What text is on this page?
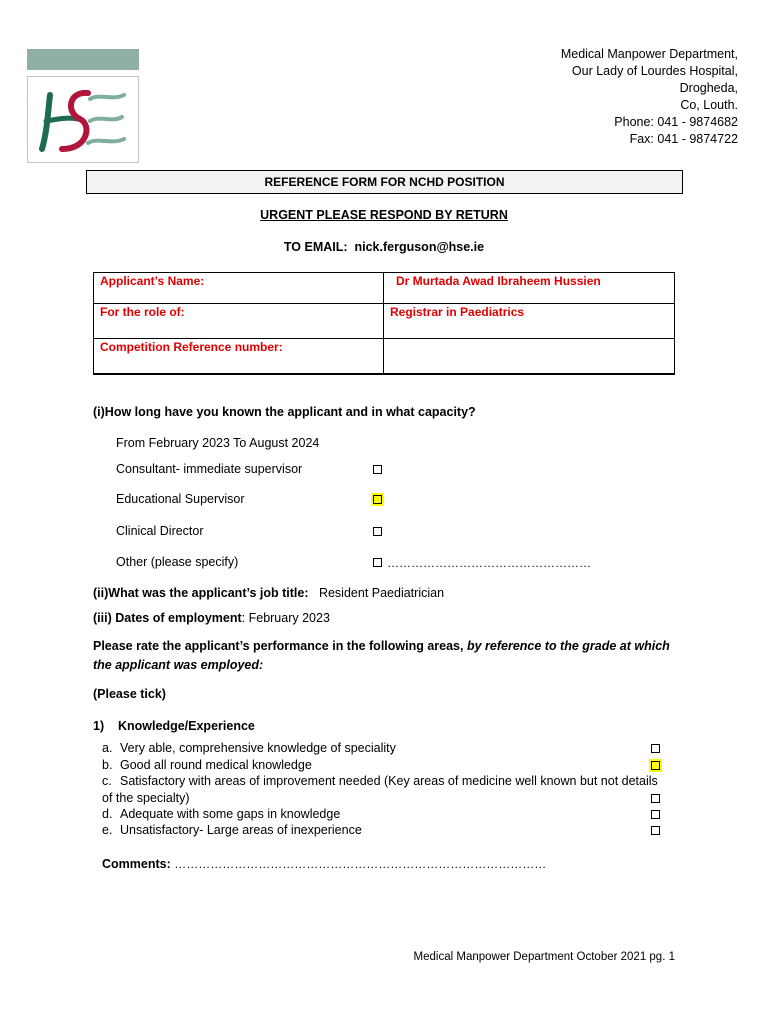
Medical Manpower Department,
Our Lady of Lourdes Hospital,
Drogheda,
Co, Louth.
Phone: 041 - 9874682
Fax: 041 - 9874722
REFERENCE FORM FOR NCHD POSITION
URGENT PLEASE RESPOND BY RETURN
TO EMAIL: nick.ferguson@hse.ie
Applicant’s Name:	Dr Murtada Awad Ibraheem Hussien
For the role of:	Registrar in Paediatrics
Competition Reference number:	
(i)How long have you known the applicant and in what capacity?
From February 2023 To August 2024
Consultant- immediate supervisor
Educational Supervisor
Clinical Director
Other (please specify)	……………………………………………
(ii)What was the applicant’s job title: Resident Paediatrician
(iii) Dates of employment: February 2023
Please rate the applicant’s performance in the following areas, by reference to the grade at which the applicant was employed:
(Please tick)
1)    Knowledge/Experience
a. Very able, comprehensive knowledge of speciality
b. Good all round medical knowledge
c. Satisfactory with areas of improvement needed (Key areas of medicine well known but not details
of the specialty)
d. Adequate with some gaps in knowledge
e. Unsatisfactory- Large areas of inexperience
Comments: …………………………………………………………………………………
Medical Manpower Department October 2021 pg. 1
